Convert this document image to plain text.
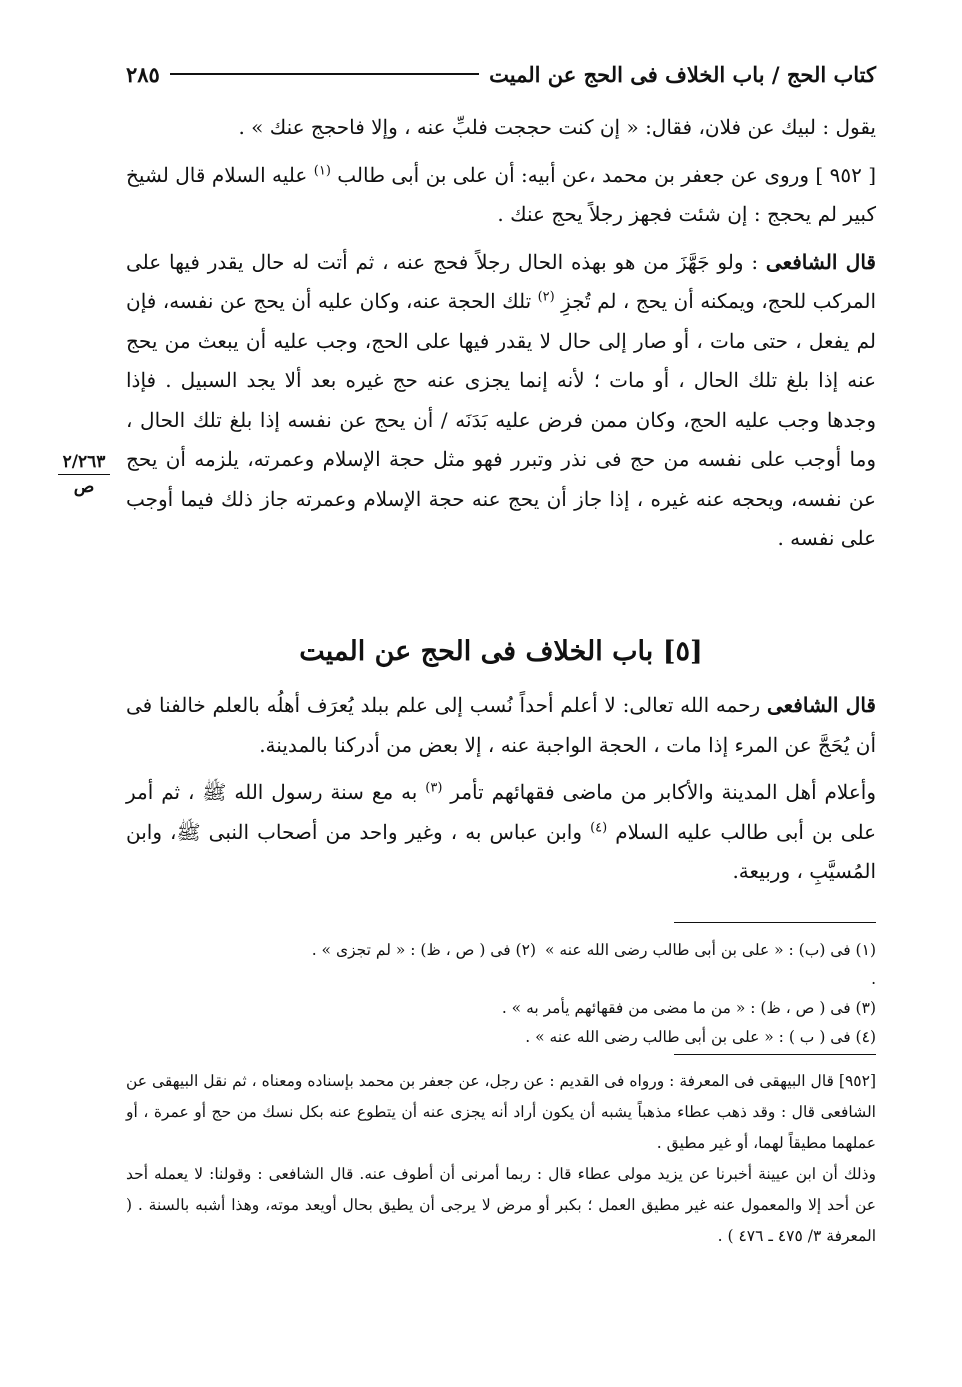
كتاب الحج / باب الخلاف فى الحج عن الميت
٢٨٥
٢/٢٦٣
ص

يقول : لبيك عن فلان، فقال: « إن كنت حججت فلبِّ عنه ، وإلا فاحجج عنك » .

[ ٩٥٢ ] وروى عن جعفر بن محمد ،عن أبيه: أن على بن أبى طالب $^{(١)}$ عليه السلام قال لشيخ كبير لم يحجج : إن شئت فجهز رجلاً يحج عنك .

قال الشافعى : ولو جَهَّزَ من هو بهذه الحال رجلاً فحج عنه ، ثم أتت له حال يقدر فيها على المركب للحج، ويمكنه أن يحج ، لم تُجزِ $^{(٢)}$ تلك الحجة عنه، وكان عليه أن يحج عن نفسه، فإن لم يفعل ، حتى مات ، أو صار إلى حال لا يقدر فيها على الحج، وجب عليه أن يبعث من يحج عنه إذا بلغ تلك الحال ، أو مات ؛ لأنه إنما يجزى عنه حج غيره بعد ألا يجد السبيل . فإذا وجدها وجب عليه الحج، وكان ممن فرض عليه بَدَنَه / أن يحج عن نفسه إذا بلغ تلك الحال ، وما أوجب على نفسه من حج فى نذر وتبرر فهو مثل حجة الإسلام وعمرته، يلزمه أن يحج عن نفسه، ويحجه عنه غيره ، إذا جاز أن يحج عنه حجة الإسلام وعمرته جاز ذلك فيما أوجب على نفسه .

[٥] باب الخلاف فى الحج عن الميت

قال الشافعى رحمه الله تعالى: لا أعلم أحداً نُسب إلى علم ببلد يُعرَف أهلُه بالعلم خالفنا فى أن يُحَجَّ عن المرء إذا مات ، الحجة الواجبة عنه ، إلا بعض من أدركنا بالمدينة.

وأعلام أهل المدينة والأكابر من ماضى فقهائهم تأمر $^{(٣)}$ به مع سنة رسول الله ﷺ ، ثم أمر على بن أبى طالب عليه السلام $^{(٤)}$ وابن عباس به ، وغير واحد من أصحاب النبى ﷺ، وابن المُسيَّبِ ، وربيعة.

(١) فى (ب) : « على بن أبى طالب رضى الله عنه » .
(٢) فى ( ص ، ظ) : « لم تجزى » .
(٣) فى ( ص ، ظ) : « من ما مضى من فقهائهم يأمر به » .
(٤) فى ( ب ) : « على بن أبى طالب رضى الله عنه » .

[٩٥٢] قال البيهقى فى المعرفة : ورواه فى القديم : عن رجل، عن جعفر بن محمد بإسناده ومعناه ، ثم نقل البيهقى عن الشافعى قال : وقد ذهب عطاء مذهباً يشبه أن يكون أراد أنه يجزى عنه أن يتطوع عنه بكل نسك من حج أو عمرة ، أو عملهما مطيقاً لهما، أو غير مطيق .

وذلك أن ابن عيينة أخبرنا عن يزيد مولى عطاء قال : ربما أمرنى أن أطوف عنه. قال الشافعى : وقولنا: لا يعمله أحد عن أحد إلا والمعمول عنه غير مطيق العمل ؛ بكبر أو مرض لا يرجى أن يطيق بحال أويعد موته، وهذا أشبه بالسنة . ( المعرفة ٣/ ٤٧٥ ـ ٤٧٦ ) .
